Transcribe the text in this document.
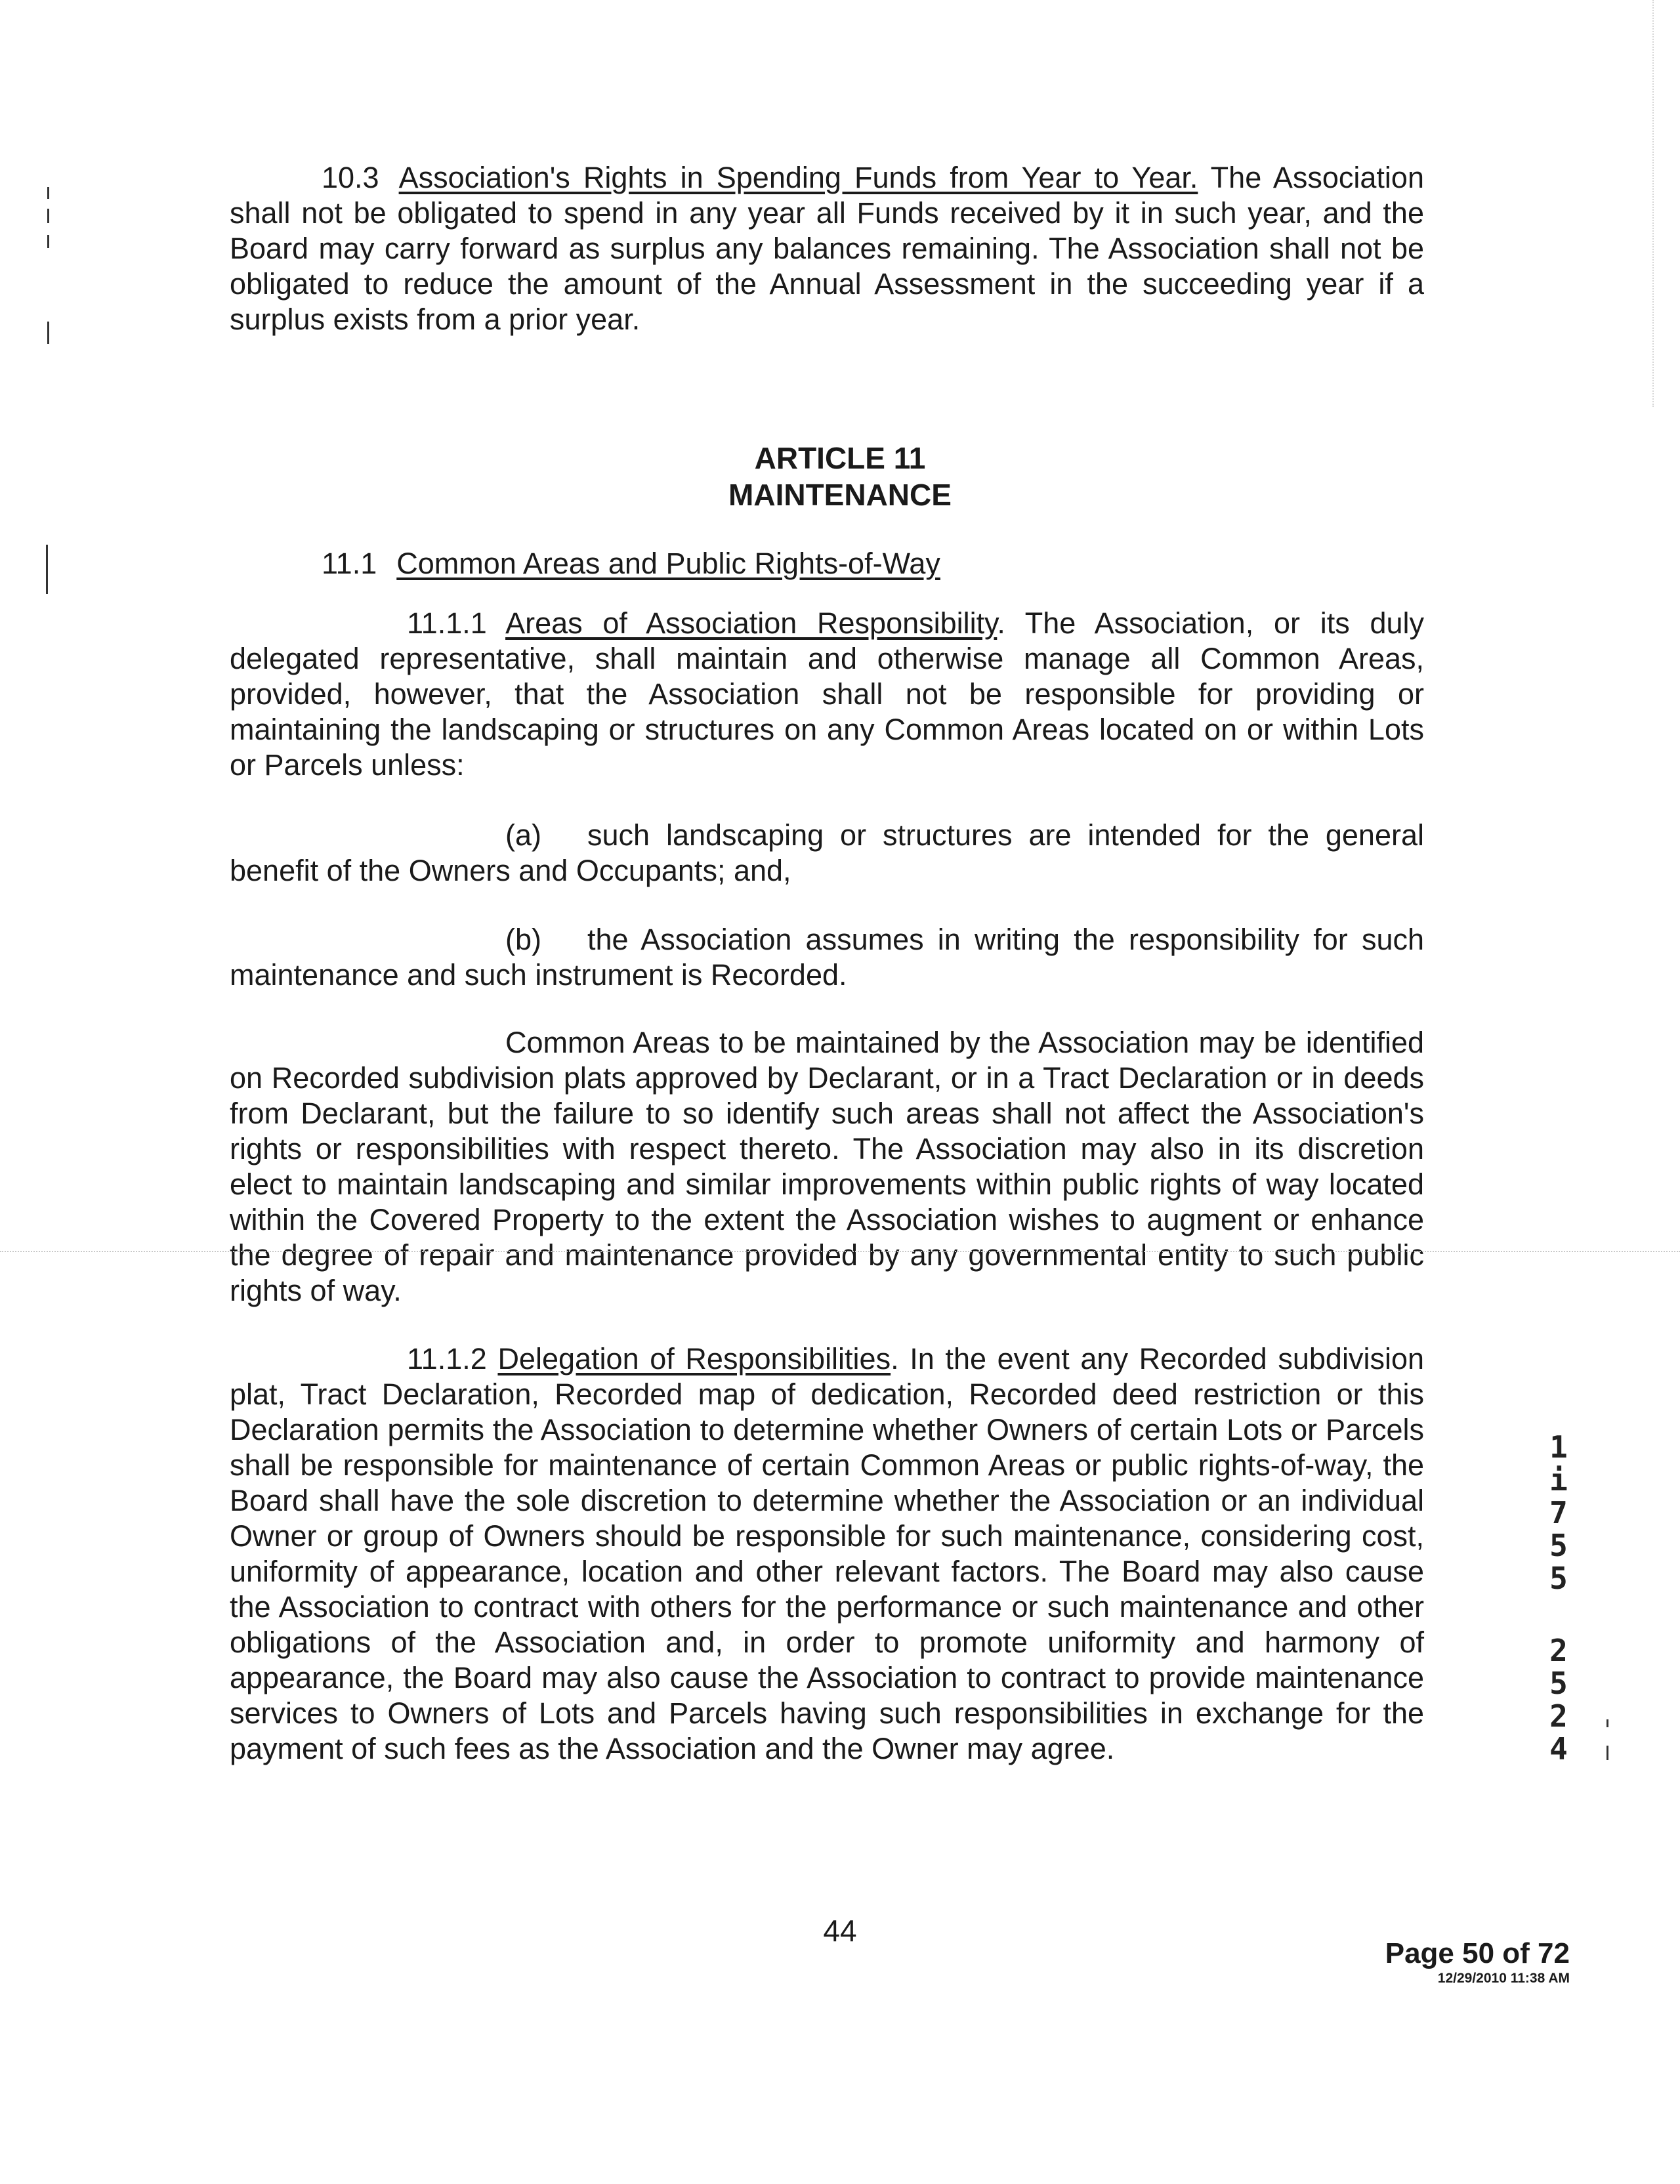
10.3 Association's Rights in Spending Funds from Year to Year. The Association shall not be obligated to spend in any year all Funds received by it in such year, and the Board may carry forward as surplus any balances remaining. The Association shall not be obligated to reduce the amount of the Annual Assessment in the succeeding year if a surplus exists from a prior year.
ARTICLE 11
MAINTENANCE
11.1 Common Areas and Public Rights-of-Way
11.1.1 Areas of Association Responsibility. The Association, or its duly delegated representative, shall maintain and otherwise manage all Common Areas, provided, however, that the Association shall not be responsible for providing or maintaining the landscaping or structures on any Common Areas located on or within Lots or Parcels unless:
(a) such landscaping or structures are intended for the general benefit of the Owners and Occupants; and,
(b) the Association assumes in writing the responsibility for such maintenance and such instrument is Recorded.
Common Areas to be maintained by the Association may be identified on Recorded subdivision plats approved by Declarant, or in a Tract Declaration or in deeds from Declarant, but the failure to so identify such areas shall not affect the Association's rights or responsibilities with respect thereto. The Association may also in its discretion elect to maintain landscaping and similar improvements within public rights of way located within the Covered Property to the extent the Association wishes to augment or enhance the degree of repair and maintenance provided by any governmental entity to such public rights of way.
11.1.2 Delegation of Responsibilities. In the event any Recorded subdivision plat, Tract Declaration, Recorded map of dedication, Recorded deed restriction or this Declaration permits the Association to determine whether Owners of certain Lots or Parcels shall be responsible for maintenance of certain Common Areas or public rights-of-way, the Board shall have the sole discretion to determine whether the Association or an individual Owner or group of Owners should be responsible for such maintenance, considering cost, uniformity of appearance, location and other relevant factors. The Board may also cause the Association to contract with others for the performance or such maintenance and other obligations of the Association and, in order to promote uniformity and harmony of appearance, the Board may also cause the Association to contract to provide maintenance services to Owners of Lots and Parcels having such responsibilities in exchange for the payment of such fees as the Association and the Owner may agree.
1
i
7
5
5
2
5
2
4
44
Page 50 of 72
12/29/2010 11:38 AM
